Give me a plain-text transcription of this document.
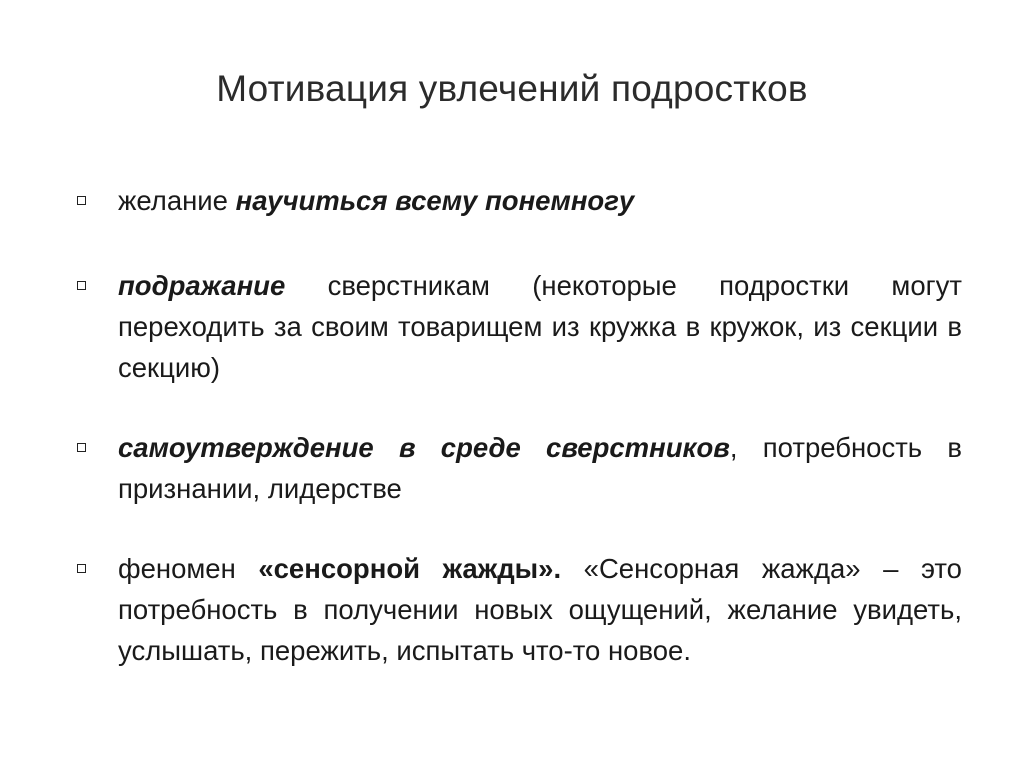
Мотивация увлечений подростков
желание научиться всему понемногу
подражание сверстникам (некоторые подростки могут переходить за своим товарищем из кружка в кружок, из секции в секцию)
самоутверждение в среде сверстников, потребность в признании, лидерстве
феномен «сенсорной жажды». «Сенсорная жажда» – это потребность в получении новых ощущений, желание увидеть, услышать, пережить, испытать что-то новое.
